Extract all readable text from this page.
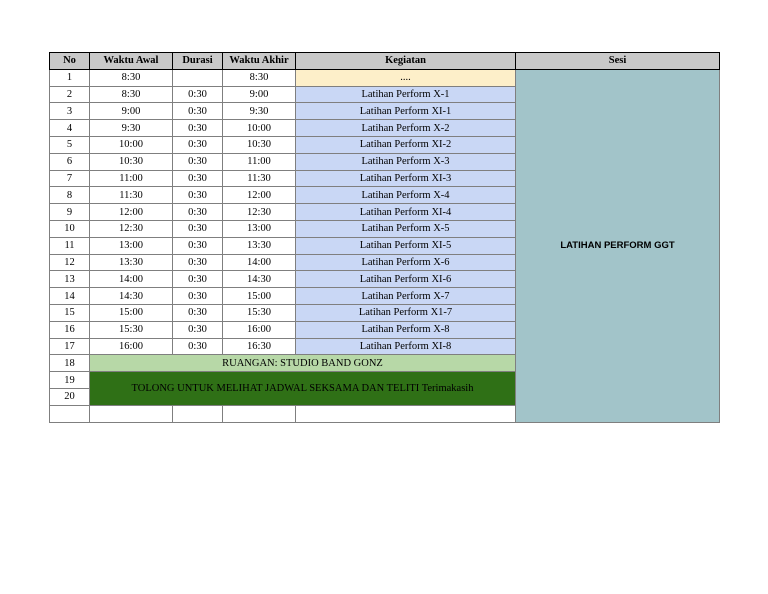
No	Waktu Awal	Durasi	Waktu Akhir	Kegiatan	Sesi
1	8:30		8:30	....	LATIHAN PERFORM GGT
2	8:30	0:30	9:00	Latihan Perform X-1	
3	9:00	0:30	9:30	Latihan Perform XI-1	
4	9:30	0:30	10:00	Latihan Perform X-2	
5	10:00	0:30	10:30	Latihan Perform XI-2	
6	10:30	0:30	11:00	Latihan Perform X-3	
7	11:00	0:30	11:30	Latihan Perform XI-3	
8	11:30	0:30	12:00	Latihan Perform X-4	
9	12:00	0:30	12:30	Latihan Perform XI-4	
10	12:30	0:30	13:00	Latihan Perform X-5	
11	13:00	0:30	13:30	Latihan Perform XI-5	
12	13:30	0:30	14:00	Latihan Perform X-6	
13	14:00	0:30	14:30	Latihan Perform XI-6	
14	14:30	0:30	15:00	Latihan Perform X-7	
15	15:00	0:30	15:30	Latihan Perform X1-7	
16	15:30	0:30	16:00	Latihan Perform X-8	
17	16:00	0:30	16:30	Latihan Perform XI-8	
18	RUANGAN: STUDIO BAND GONZ				
19	TOLONG UNTUK MELIHAT JADWAL SEKSAMA DAN TELITI Terimakasih				
20					
